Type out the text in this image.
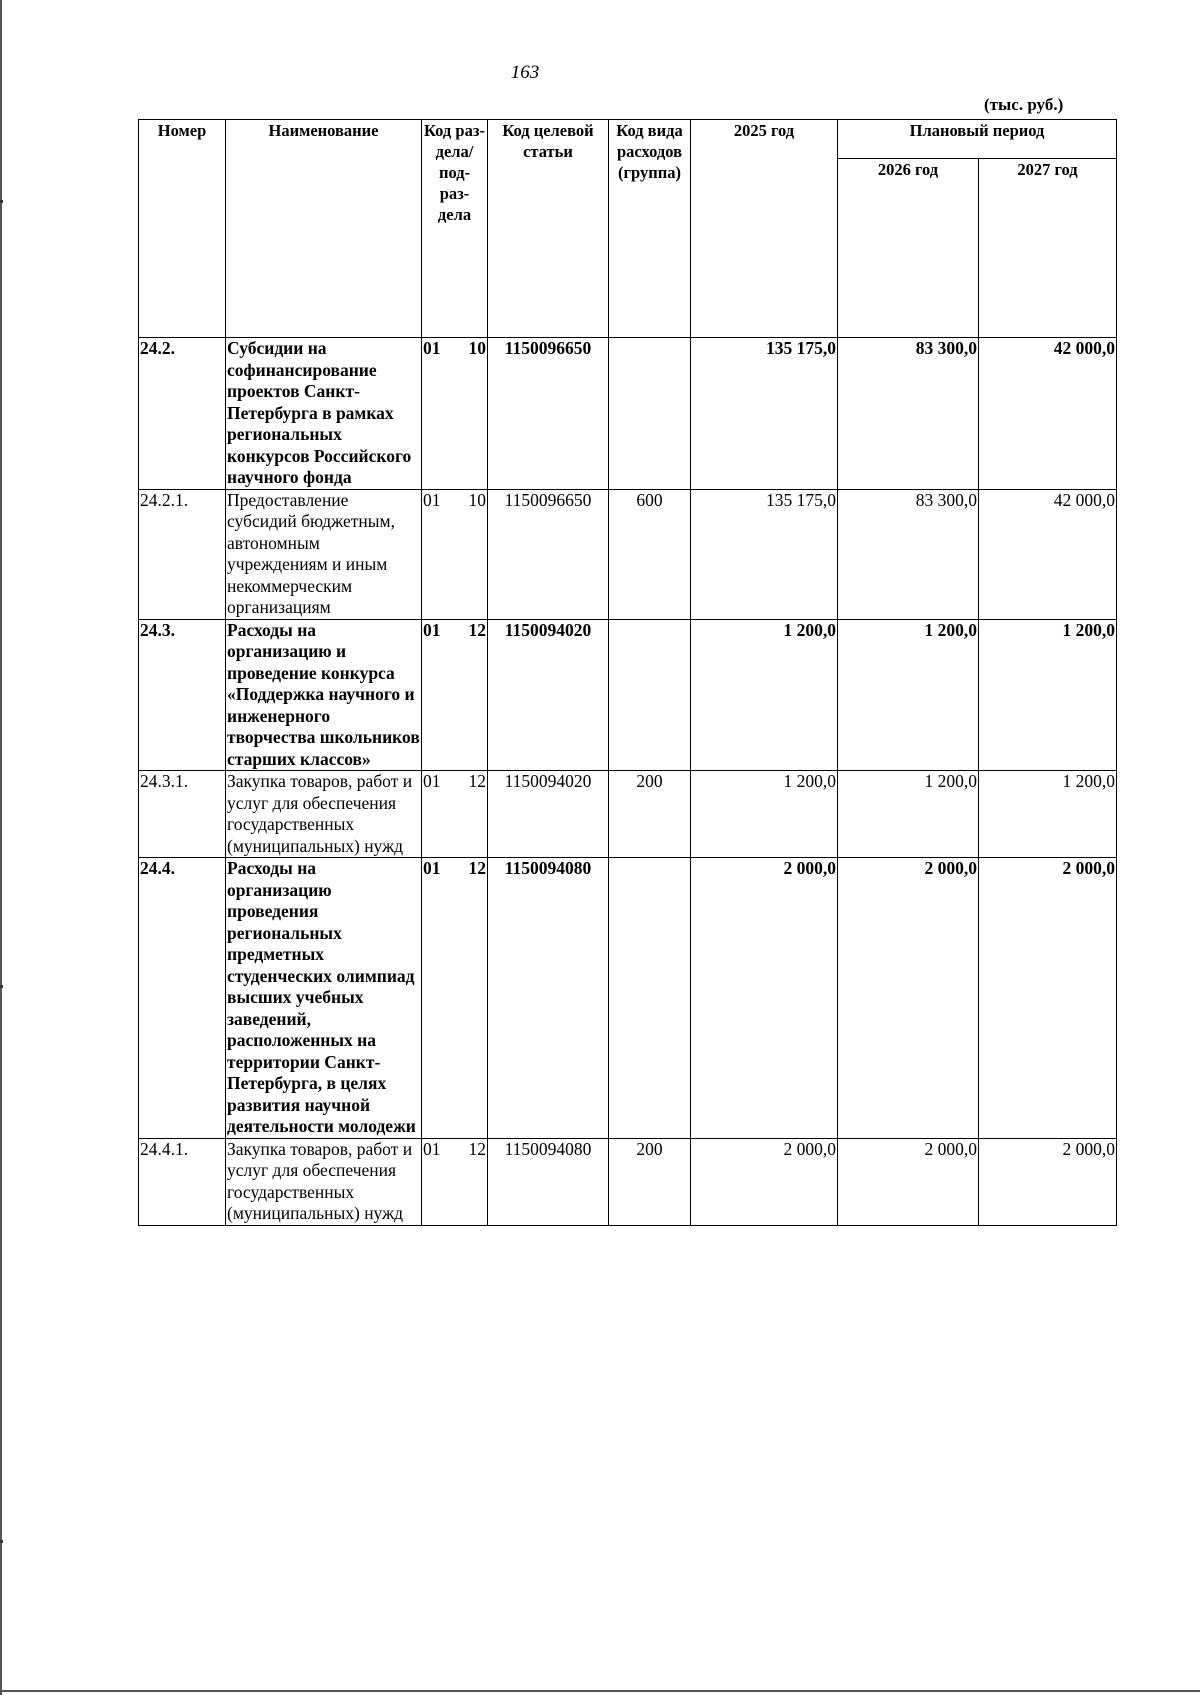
163
(тыс. руб.)
Номер	Наименование	Код раз- дела/ под- раз- дела	Код целевой статьи	Код вида расходов (группа)	2025 год	Плановый период	
						2026 год	2027 год
24.2.	Субсидии на софинансирование проектов Санкт-Петербурга в рамках региональных конкурсов Российского научного фонда	01 10	1150096650		135 175,0	83 300,0	42 000,0
24.2.1.	Предоставление субсидий бюджетным, автономным учреждениям и иным некоммерческим организациям	01 10	1150096650	600	135 175,0	83 300,0	42 000,0
24.3.	Расходы на организацию и проведение конкурса «Поддержка научного и инженерного творчества школьников старших классов»	01 12	1150094020		1 200,0	1 200,0	1 200,0
24.3.1.	Закупка товаров, работ и услуг для обеспечения государственных (муниципальных) нужд	01 12	1150094020	200	1 200,0	1 200,0	1 200,0
24.4.	Расходы на организацию проведения региональных предметных студенческих олимпиад высших учебных заведений, расположенных на территории Санкт-Петербурга, в целях развития научной деятельности молодежи	01 12	1150094080		2 000,0	2 000,0	2 000,0
24.4.1.	Закупка товаров, работ и услуг для обеспечения государственных (муниципальных) нужд	01 12	1150094080	200	2 000,0	2 000,0	2 000,0
